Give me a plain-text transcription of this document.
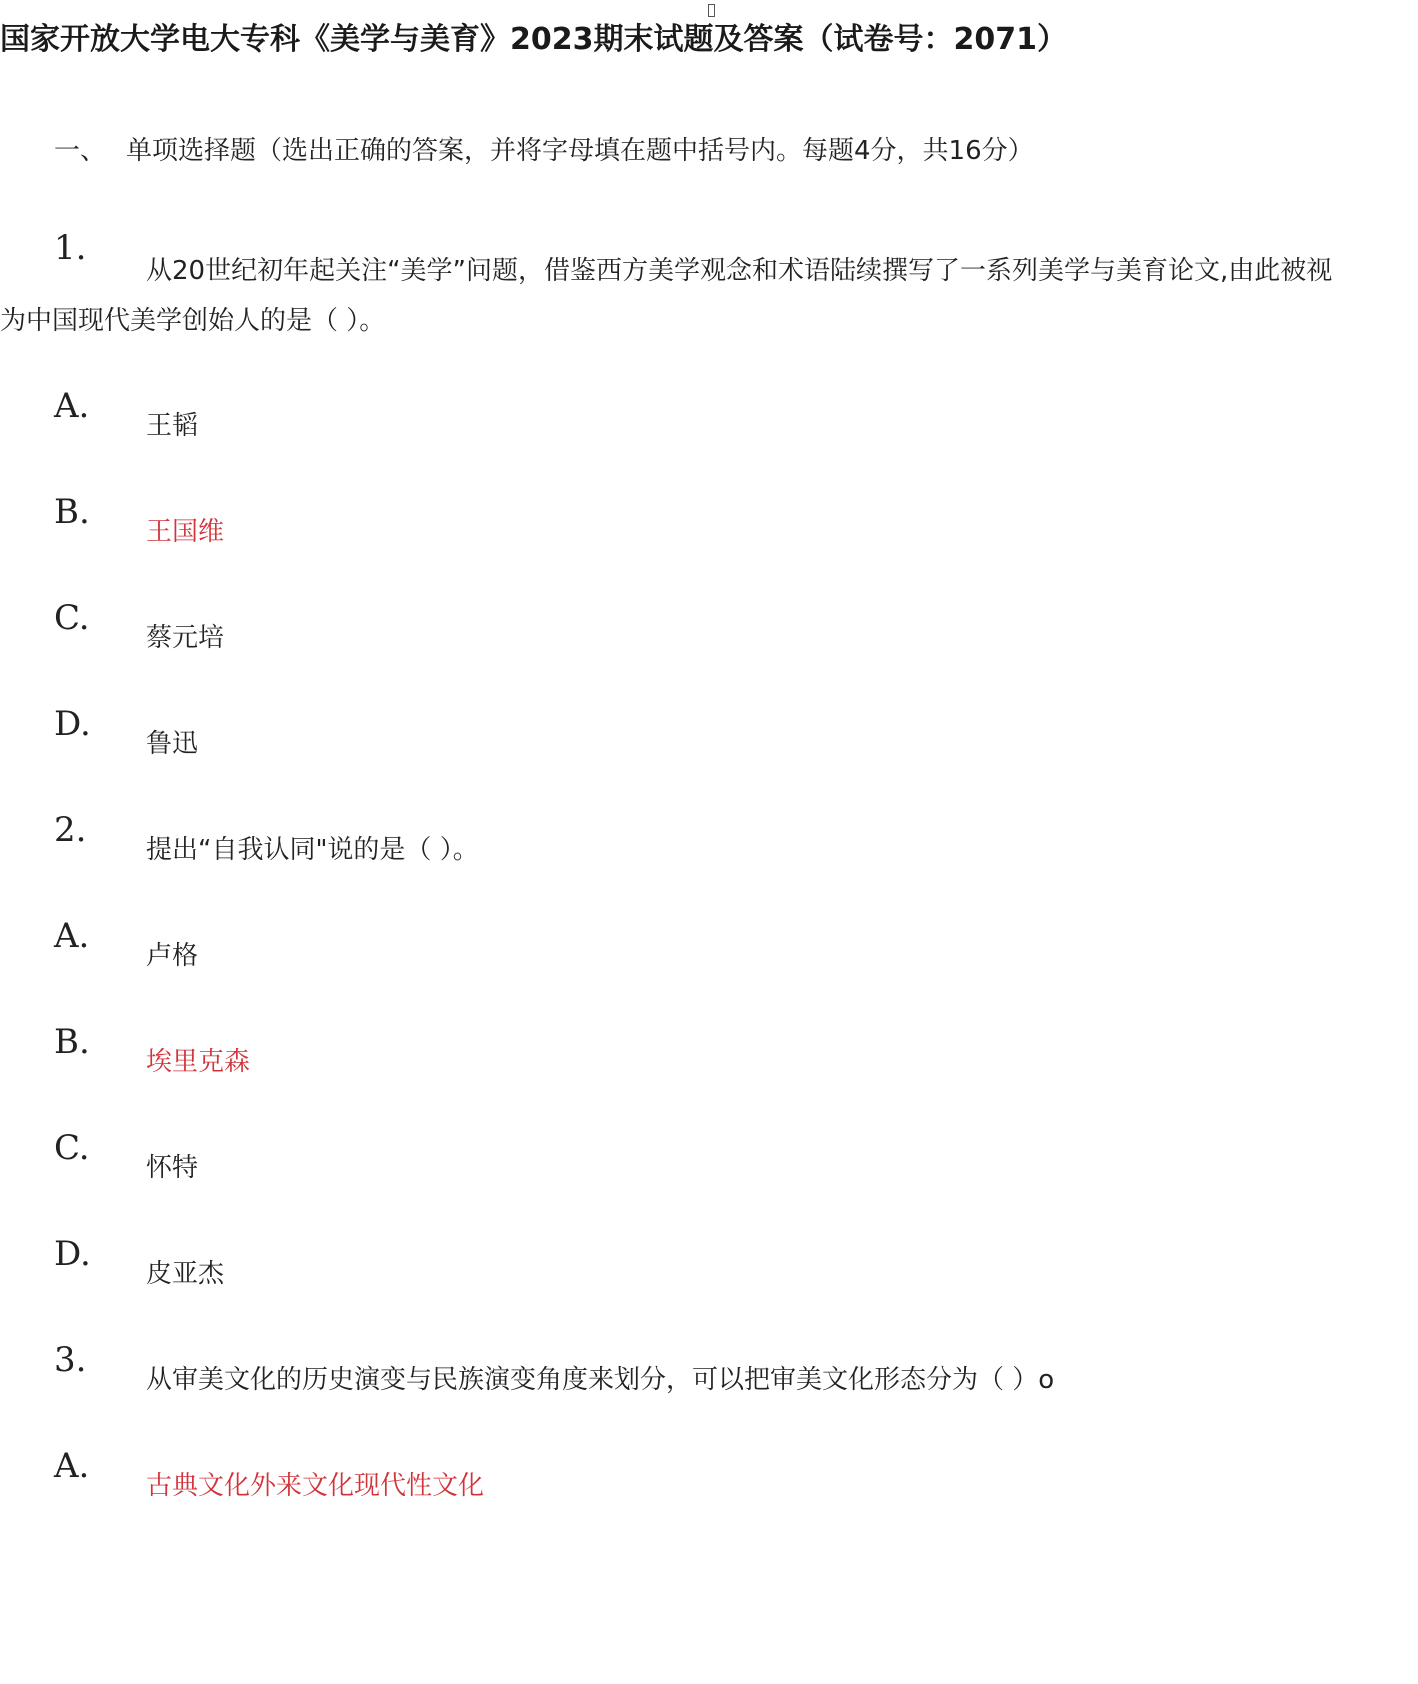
国家开放大学电大专科《美学与美育》2023期末试题及答案（试卷号：2071）
一、 单项选择题（选出正确的答案，并将字母填在题中括号内。每题4分，共16分）
1.
从20世纪初年起关注“美学”问题，借鉴西方美学观念和术语陆续撰写了一系列美学与美育论文,由此被视
为中国现代美学创始人的是（ ）。
A. 王韬
B. 王国维
C. 蔡元培
D. 鲁迅
2. 提出“自我认同"说的是（ ）。
A. 卢格
B. 埃里克森
C. 怀特
D. 皮亚杰
3. 从审美文化的历史演变与民族演变角度来划分，可以把审美文化形态分为（ ）o
A. 古典文化外来文化现代性文化
